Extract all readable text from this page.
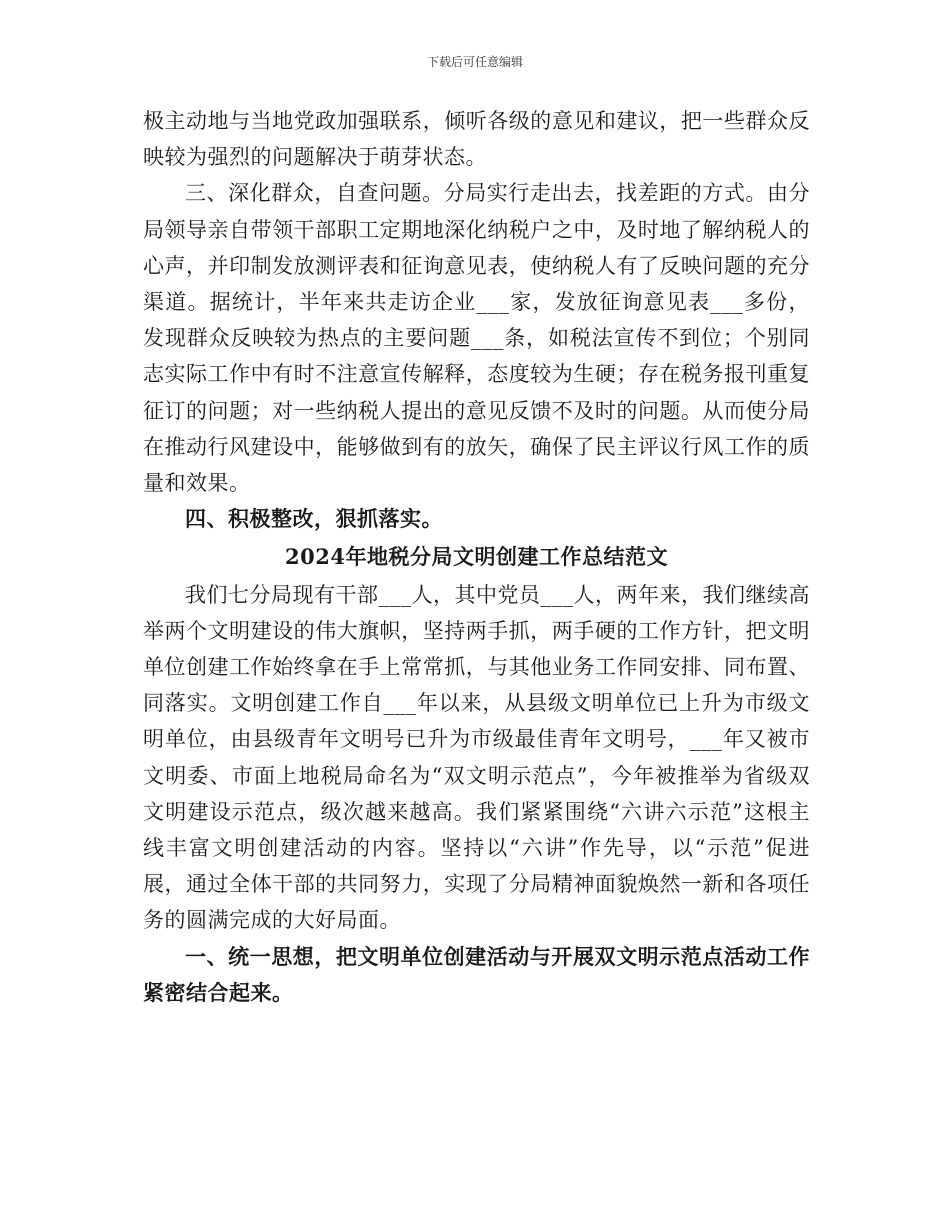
下载后可任意编辑

极主动地与当地党政加强联系，倾听各级的意见和建议，把一些群众反映较为强烈的问题解决于萌芽状态。

三、深化群众，自查问题。分局实行走出去，找差距的方式。由分局领导亲自带领干部职工定期地深化纳税户之中，及时地了解纳税人的心声，并印制发放测评表和征询意见表，使纳税人有了反映问题的充分渠道。据统计，半年来共走访企业___家，发放征询意见表___多份，发现群众反映较为热点的主要问题___条，如税法宣传不到位；个别同志实际工作中有时不注意宣传解释，态度较为生硬；存在税务报刊重复征订的问题；对一些纳税人提出的意见反馈不及时的问题。从而使分局在推动行风建设中，能够做到有的放矢，确保了民主评议行风工作的质量和效果。

四、积极整改，狠抓落实。

2024年地税分局文明创建工作总结范文

我们七分局现有干部___人，其中党员___人，两年来，我们继续高举两个文明建设的伟大旗帜，坚持两手抓，两手硬的工作方针，把文明单位创建工作始终拿在手上常常抓，与其他业务工作同安排、同布置、同落实。文明创建工作自___年以来，从县级文明单位已上升为市级文明单位，由县级青年文明号已升为市级最佳青年文明号，___年又被市文明委、市面上地税局命名为“双文明示范点”，今年被推举为省级双文明建设示范点，级次越来越高。我们紧紧围绕“六讲六示范”这根主线丰富文明创建活动的内容。坚持以“六讲”作先导，以“示范”促进展，通过全体干部的共同努力，实现了分局精神面貌焕然一新和各项任务的圆满完成的大好局面。

一、统一思想，把文明单位创建活动与开展双文明示范点活动工作紧密结合起来。
